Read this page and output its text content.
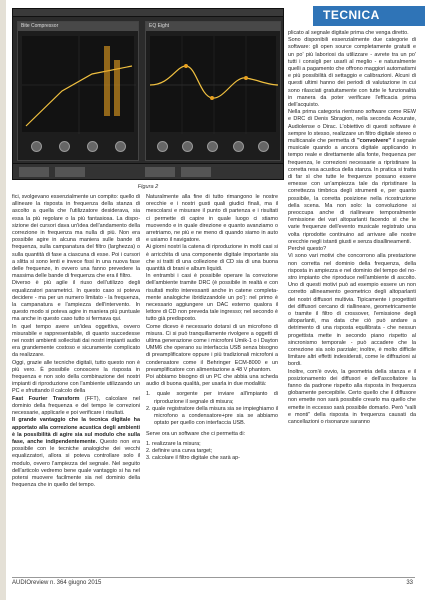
TECNICA
Bite Compressor	EQ Eight
Figura 2

fici, svolgevano essenzialmente un compito: quello di allineare la risposta in frequenza della stanza di ascolto a quella che l'utilizzatore desiderava, sia essa la più regolare o la più fantasiosa. La disposizione dei cursori dava un'idea dell'andamento della correzione in frequenza ma nulla di più. Non era possibile agire in alcuna maniera sulle bande di frequenza, sulla campanatura del filtro (larghezza) o sulla quantità di fase a ciascuna di esse. Poi i cursori a slitta si sono lenti e invece fissi in una nuova fase delle frequenze, in ovvero una fanno prevedere la massima delle bande di frequenza che era il filtro.

Diverso è più agile il riuso dell'utilizzo degli equalizzatori parametrici. In questo caso si poteva decidere - ma per un numero limitato - la frequenza, la campanatura e l'ampiezza dell'intervento. In questo modo si poteva agire in maniera più puntuale ma anche in questo caso tutto si fermava qui.

In quel tempo avere un'idea oggettiva, ovvero misurabile e rappresentabile, di quanto succedesse nei nostri ambienti sollecitati dai nostri impianti audio era grandemente costoso e sicuramente complicato da realizzare.

Oggi, grazie alle tecniche digitali, tutto questo non è più vero. È possibile conoscere la risposta in frequenza e non solo della combinazione dei nostri impianti di riproduzione con l'ambiente utilizzando un PC e sfruttando il calcolo della

Fast Fourier Transform (FFT), calcolare nel dominio della frequenza e del tempo le correzioni necessarie, applicarle e poi verificare i risultati.

Il grande vantaggio che la tecnica digitale ha apportato alla correzione acustica degli ambienti è la possibilità di agire sia sul modulo che sulla fase, anche indipendentemente. Questo non era possibile con le tecniche analogiche dei vecchi equalizzatori, allora si poteva controllare solo il modulo, ovvero l'ampiezza del segnale. Nel seguito dell'articolo vedremo bene quale vantaggio si ha nel potersi muovere facilmente sia nel dominio della frequenza che in quello del tempo.

Naturalmente alla fine di tutto rimangono le nostre orecchie e i nostri gusti quali giudici finali, ma il mescolarsi e misurare il punto di partenza e i risultati ci permette di capire in quale luogo ci stiamo muovendo e in quale direzione e quanto avanziamo o arretriamo, ne più e ne meno di quando siamo in auto e usiamo il navigatore.

Ai giorni nostri la catena di riproduzione in molti casi si è arricchita di una componente digitale importante sia che si tratti di una collezione di CD sia di una buona quantità di brani e album liquidi.

In entrambi i casi è possibile operare la correzione dell'ambiente tramite DRC (è possibile in realtà e con risultati molto interessanti anche in catene completamente analogiche ibridizzandole un po'): nel primo è necessario aggiungere un DAC esterno qualora il lettore di CD non preveda tale ingresso; nel secondo è tutto già predisposto.

Come dicevo è necessario dotarsi di un microfono di misura. Ci si può tranquillamente rivolgere a oggetti di ultima generazione come i microfoni Umik-1 o i Dayton UMM6 che operano su interfaccia USB senza bisogno di preamplificatore oppure i più tradizionali microfoni a condensatore come il Behringer ECM-8000 e un preamplificatore con alimentazione a 48 V phantom.

Poi abbiamo bisogno di un PC che abbia una scheda audio di buona qualità, per usarla in due modalità:

1. quale sorgente per inviare all'impianto di riproduzione il segnale di misura;
2. quale registratore della misura sia se impieghiamo il microfono a condensatore+pre sia se abbiamo optato per quello con interfaccia USB.

Serve ora un software che ci permetta di:

1. realizzare la misura;
2. definire una curva target;
3. calcolare il filtro digitale che sarà ap-

plicato al segnale digitale prima che venga diretto.

Sono disponibili essenzialmente due categorie di software: gli open source completamente gratuiti e un po' più laboriosi da utilizzare - avrete tra un po' tutti i consigli per usarli al meglio - e naturalmente quelli a pagamento che offrono maggiori automatismi e più possibilità di settaggio e calibrazioni. Alcuni di questi ultimi hanno dei periodi di valutazione in cui sono rilasciati gratuitamente con tutte le funzionalità in manera da poter verificare l'efficacia prima dell'acquisto.

Nella prima categoria rientrano software come REW e DRC di Denis Sbragion, nella seconda Acourate, Audiolense o Dirac. L'obiettivo di questi software è sempre lo stesso, realizzare un filtro digitale stereo o multicanale che permetta di "convolvere" il segnale musicale quando a ancora digitale applicando in tempo reale e direttamente alla fonte, frequenza per frequenza, le correzioni necessarie a ripristinare la corretta resa acustica della stanza. In pratica si tratta di far sì che tutte le frequenze possano essere emesse con un'ampiezza tale da ripristinare la correttezza timbrica degli strumenti e, per quanto possibile, la corretta posizione nella ricostruzione della scena. Ma non solo: la convoluzione si preoccupa anche di riallineare temporalmente l'emissione dei vari altoparlanti facendo sì che le varie frequenze dell'evento musicale registrato una volta riprodotte continuino ad arrivare alle nostre orecchie negli istanti giusti e senza disallineamenti.

Perché questo?

Vi sono vari motivi che concorrono alla prestazione non corretta nel dominio della frequenza, della risposta in ampiezza e nel dominio del tempo del nostro impianto che riproduce nell'ambiente di ascolto. Uno di questi motivi può ad esempio essere un non corretto allineamento geometrico degli altoparlanti dei nostri diffusori multivia. Tipicamente i progettisti dei diffusori cercano di riallineare, geometricamente o tramite il filtro di crossover, l'emissione degli altoparlanti, ma data che ciò può andare a detrimento di una risposta equilibrata - che nessun progettista mette in secondo piano rispetto al sincronismo temporale - può accadere che la correzione sia solo parziale; inoltre, è molto difficile limitare altri effetti indesiderati, come le diffrazioni ai bordi.

Inoltre, com'è ovvio, la geometria della stanza e il posizionamento dei diffusori e dell'ascoltatore la fanno da padrone rispetto alla risposta in frequenza globamente percepibile. Certo quello che il diffusore non emette non sarà possibile crearlo ma quello che emette in eccesso sarà possibile domarlo. Però "valli e monti" della risposta in frequenza causati da cancellazioni o risonanze saranno

AUDIOreview n. 364 giugno 2015	33
